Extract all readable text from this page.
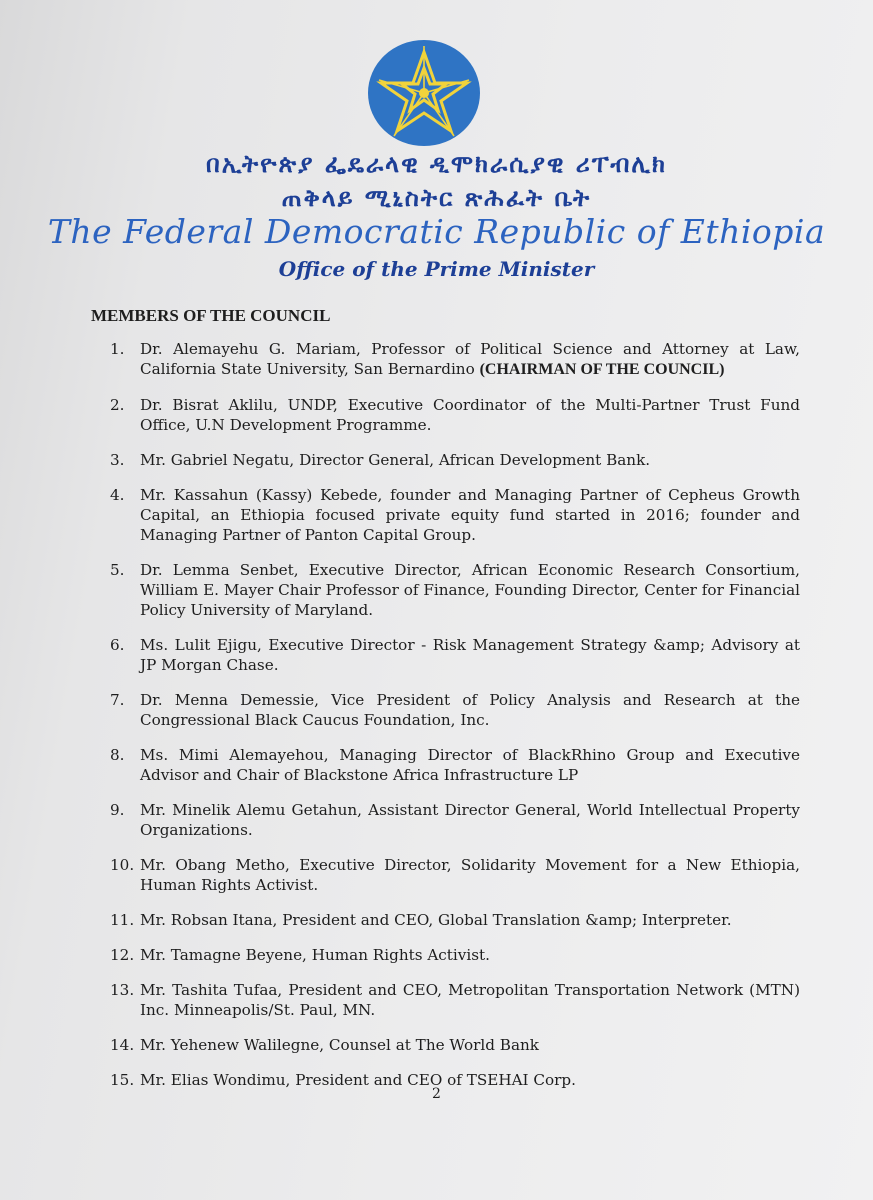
በኢትዮጵያ ፌዴራላዊ ዲሞክራሲያዊ ሪፐብሊክ
ጠቅላይ ሚኒስትር ጽሕፈት ቤት
The Federal Democratic Republic of Ethiopia
Office of the Prime Minister
MEMBERS OF THE COUNCIL
1.	Dr. Alemayehu G. Mariam, Professor of Political Science and Attorney at Law, California State University, San Bernardino (CHAIRMAN OF THE COUNCIL)
2.	Dr. Bisrat Aklilu, UNDP, Executive Coordinator of the Multi-Partner Trust Fund Office, U.N Development Programme.
3.	Mr. Gabriel Negatu, Director General, African Development Bank.
4.	Mr. Kassahun (Kassy) Kebede, founder and Managing Partner of Cepheus Growth Capital, an Ethiopia focused private equity fund started in 2016; founder and Managing Partner of Panton Capital Group.
5.	Dr. Lemma Senbet, Executive Director, African Economic Research Consortium, William E. Mayer Chair Professor of Finance, Founding Director, Center for Financial Policy University of Maryland.
6.	Ms. Lulit Ejigu, Executive Director - Risk Management Strategy &amp; Advisory at JP Morgan Chase.
7.	Dr. Menna Demessie, Vice President of Policy Analysis and Research at the Congressional Black Caucus Foundation, Inc.
8.	Ms. Mimi Alemayehou, Managing Director of BlackRhino Group and Executive Advisor and Chair of Blackstone Africa Infrastructure LP
9.	Mr. Minelik Alemu Getahun, Assistant Director General, World Intellectual Property Organizations.
10. Mr. Obang Metho, Executive Director, Solidarity Movement for a New Ethiopia, Human Rights Activist.
11. Mr. Robsan Itana, President and CEO, Global Translation &amp; Interpreter.
12. Mr. Tamagne Beyene, Human Rights Activist.
13. Mr. Tashita Tufaa, President and CEO, Metropolitan Transportation Network (MTN) Inc. Minneapolis/St. Paul, MN.
14. Mr. Yehenew Walilegne, Counsel at The World Bank
15. Mr. Elias Wondimu, President and CEO of TSEHAI Corp.
2
